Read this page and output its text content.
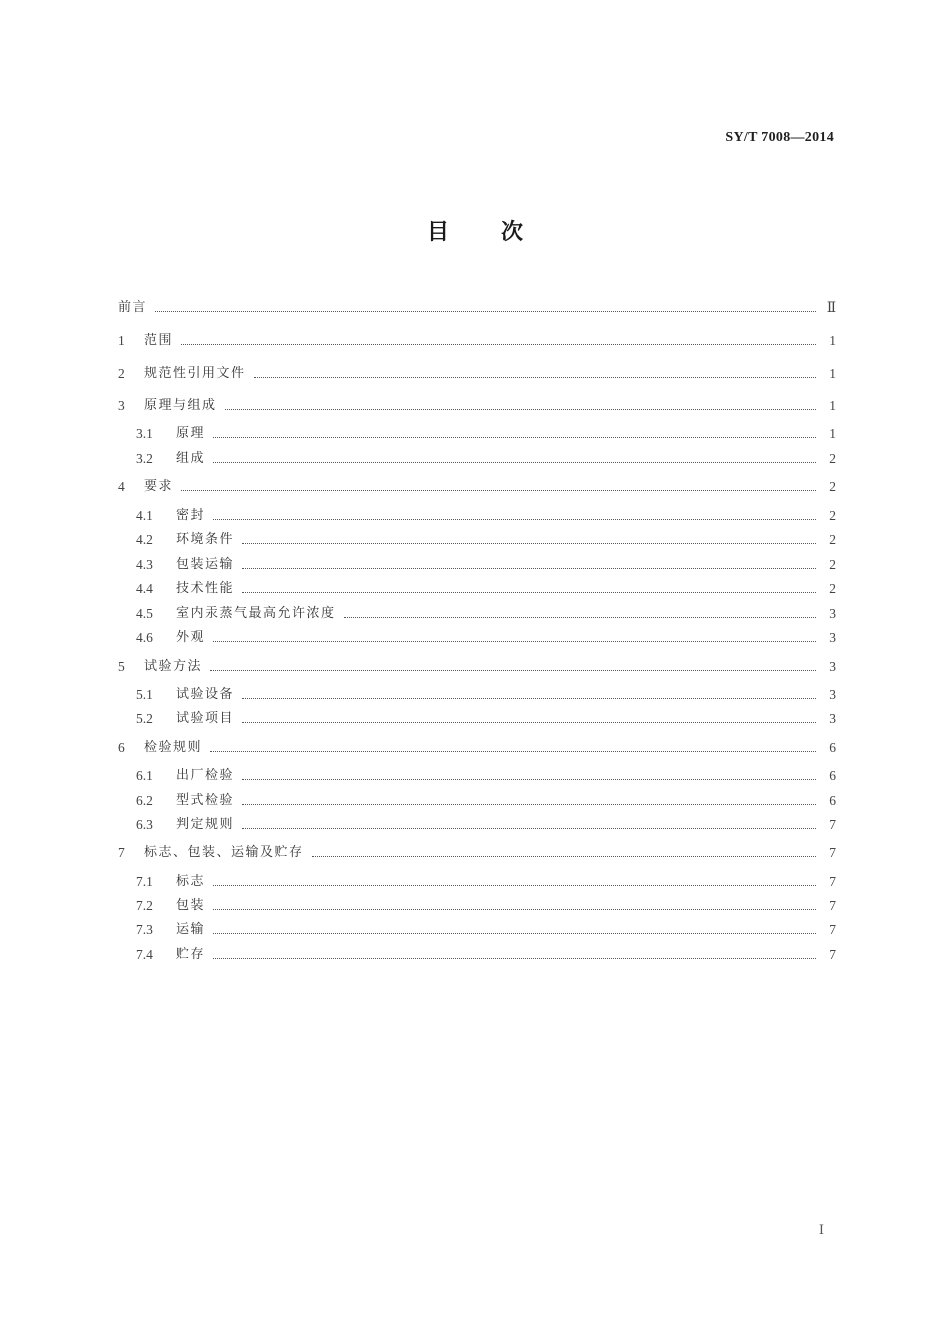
SY/T 7008—2014
目 次
前言	Ⅱ
1	范围	1
2	规范性引用文件	1
3	原理与组成	1
3.1	原理	1
3.2	组成	2
4	要求	2
4.1	密封	2
4.2	环境条件	2
4.3	包装运输	2
4.4	技术性能	2
4.5	室内汞蒸气最高允许浓度	3
4.6	外观	3
5	试验方法	3
5.1	试验设备	3
5.2	试验项目	3
6	检验规则	6
6.1	出厂检验	6
6.2	型式检验	6
6.3	判定规则	7
7	标志、包装、运输及贮存	7
7.1	标志	7
7.2	包装	7
7.3	运输	7
7.4	贮存	7
Ⅰ
